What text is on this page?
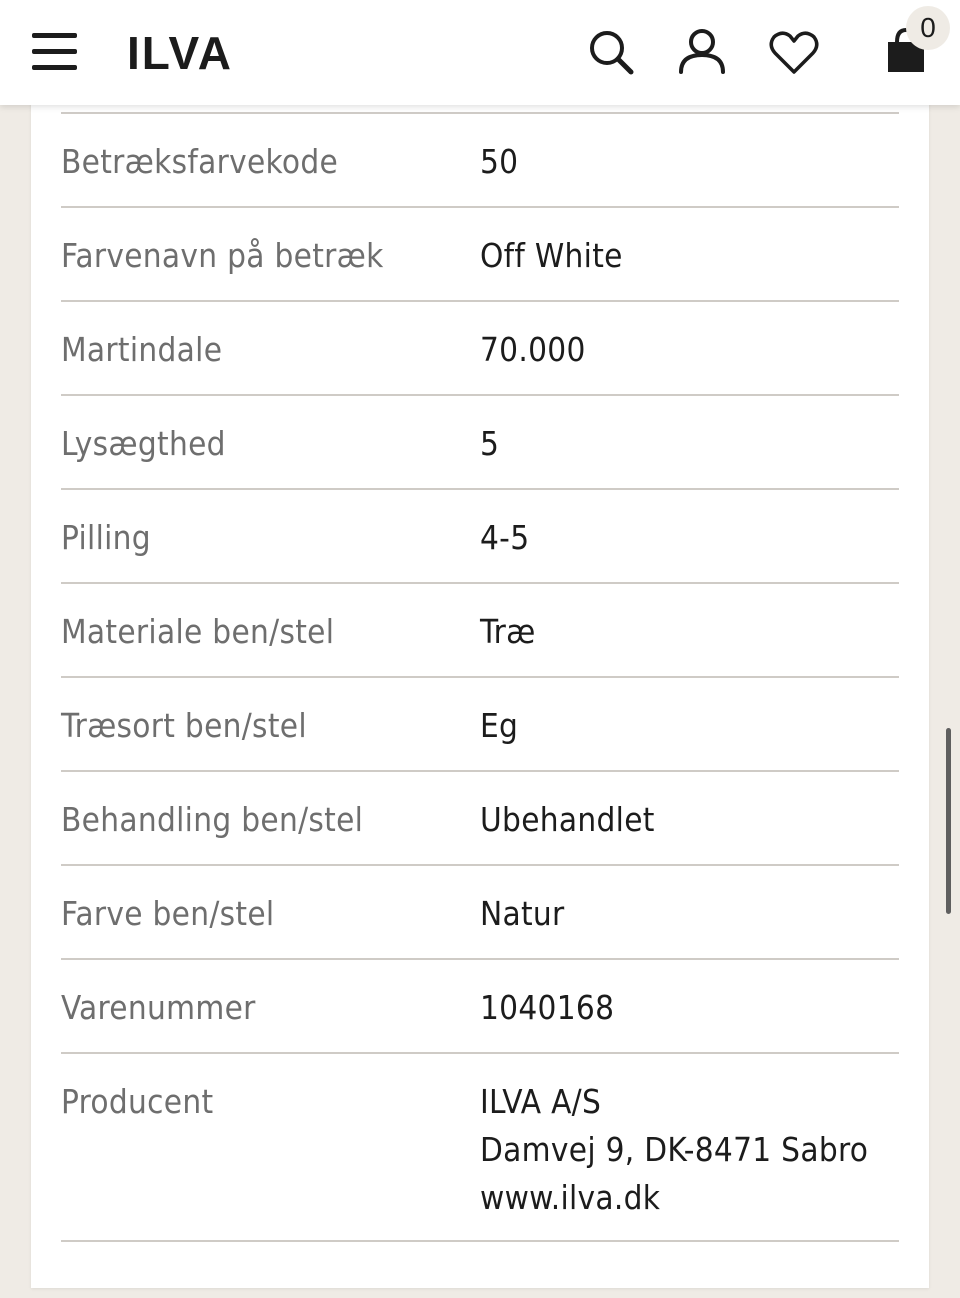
ILVA	0
Betræksfarvekode	50
Farvenavn på betræk	Off White
Martindale	70.000
Lysægthed	5
Pilling	4-5
Materiale ben/stel	Træ
Træsort ben/stel	Eg
Behandling ben/stel	Ubehandlet
Farve ben/stel	Natur
Varenummer	1040168
Producent	ILVA A/S
Damvej 9, DK-8471 Sabro
www.ilva.dk
